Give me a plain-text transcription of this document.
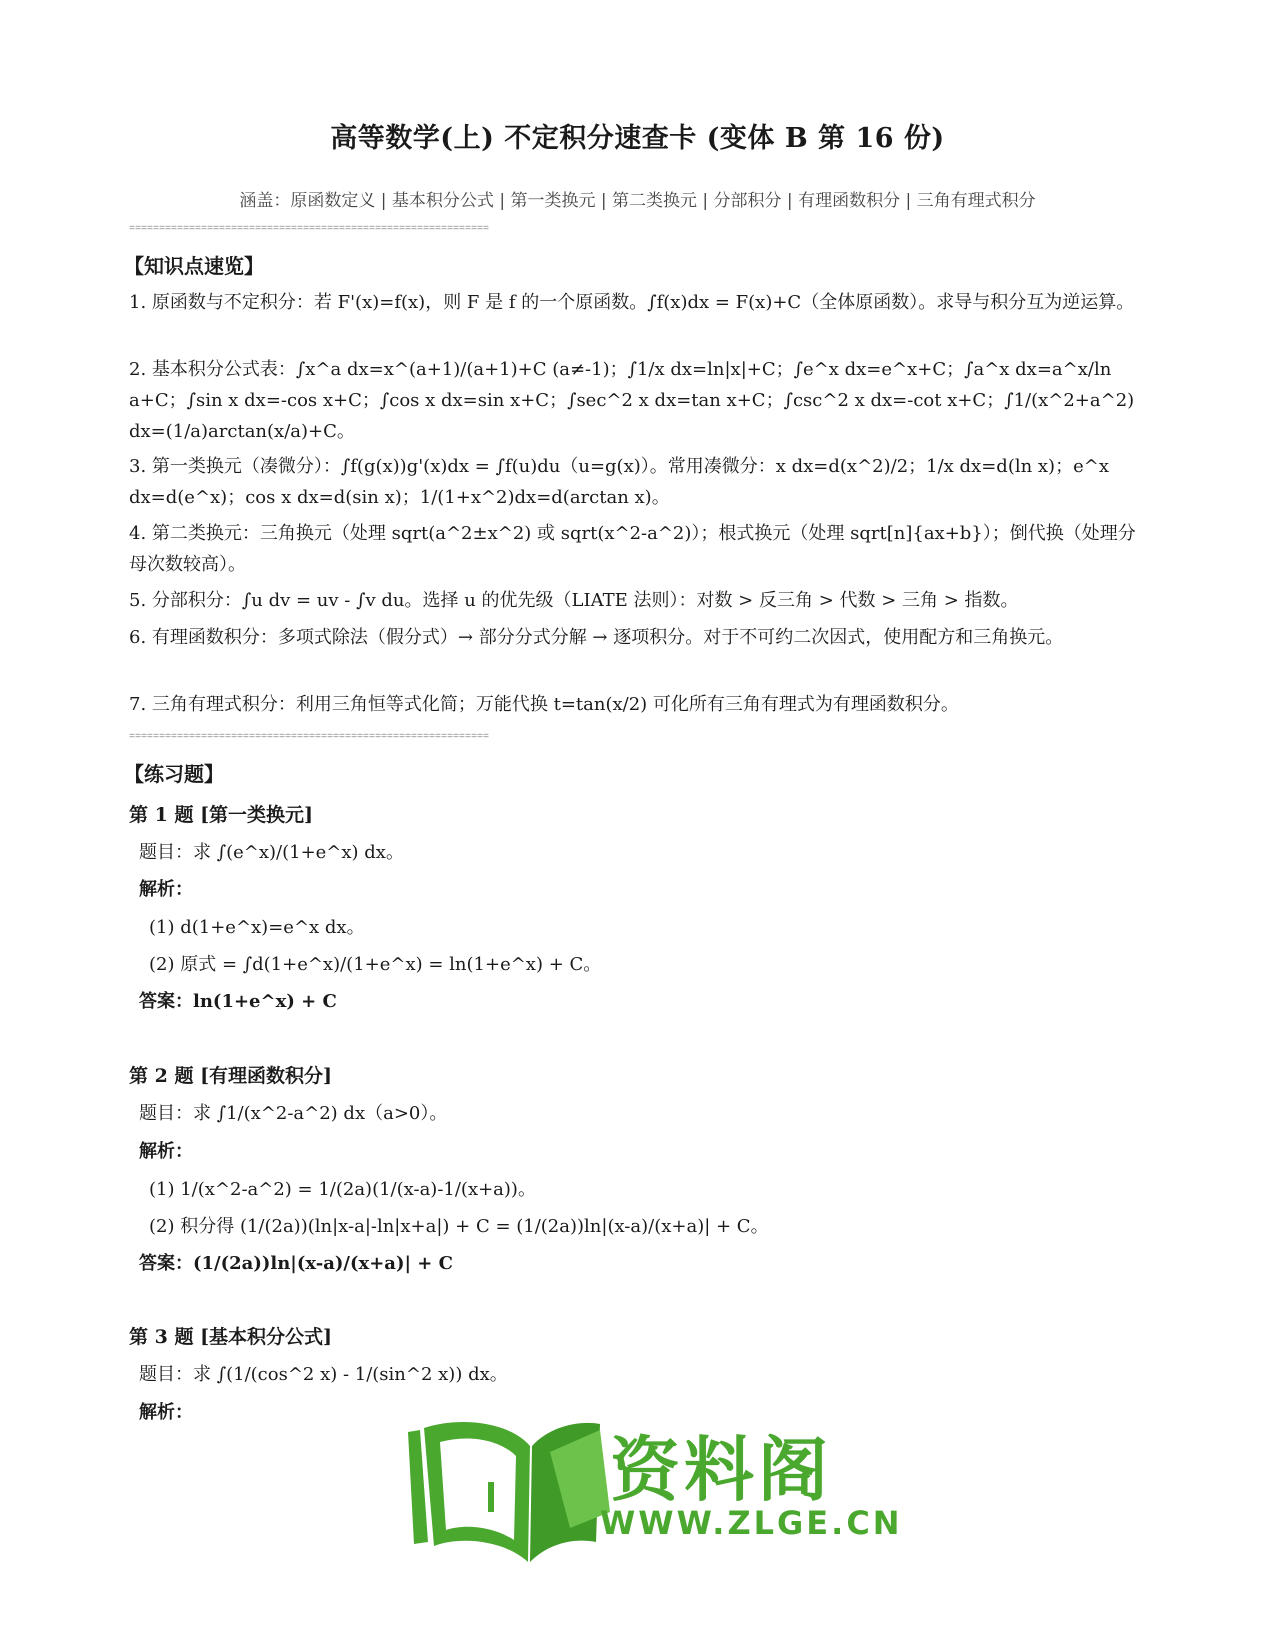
高等数学(上) 不定积分速查卡 (变体 B 第 16 份)
涵盖：原函数定义 | 基本积分公式 | 第一类换元 | 第二类换元 | 分部积分 | 有理函数积分 | 三角有理式积分
============================================================
【知识点速览】
1. 原函数与不定积分：若 F'(x)=f(x)，则 F 是 f 的一个原函数。∫f(x)dx = F(x)+C（全体原函数）。求导与积分互为逆运算。
2. 基本积分公式表：∫x^a dx=x^(a+1)/(a+1)+C (a≠-1)；∫1/x dx=ln|x|+C；∫e^x dx=e^x+C；∫a^x dx=a^x/ln a+C；∫sin x dx=-cos x+C；∫cos x dx=sin x+C；∫sec^2 x dx=tan x+C；∫csc^2 x dx=-cot x+C；∫1/(x^2+a^2) dx=(1/a)arctan(x/a)+C。
3. 第一类换元（凑微分）：∫f(g(x))g'(x)dx = ∫f(u)du（u=g(x)）。常用凑微分：x dx=d(x^2)/2；1/x dx=d(ln x)；e^x dx=d(e^x)；cos x dx=d(sin x)；1/(1+x^2)dx=d(arctan x)。
4. 第二类换元：三角换元（处理 sqrt(a^2±x^2) 或 sqrt(x^2-a^2)）；根式换元（处理 sqrt[n]{ax+b}）；倒代换（处理分母次数较高）。
5. 分部积分：∫u dv = uv - ∫v du。选择 u 的优先级（LIATE 法则）：对数 > 反三角 > 代数 > 三角 > 指数。
6. 有理函数积分：多项式除法（假分式）→ 部分分式分解 → 逐项积分。对于不可约二次因式，使用配方和三角换元。
7. 三角有理式积分：利用三角恒等式化简；万能代换 t=tan(x/2) 可化所有三角有理式为有理函数积分。
============================================================
【练习题】
第 1 题 [第一类换元]
题目：求 ∫(e^x)/(1+e^x) dx。
解析：
(1) d(1+e^x)=e^x dx。
(2) 原式 = ∫d(1+e^x)/(1+e^x) = ln(1+e^x) + C。
答案：ln(1+e^x) + C
第 2 题 [有理函数积分]
题目：求 ∫1/(x^2-a^2) dx（a>0）。
解析：
(1) 1/(x^2-a^2) = 1/(2a)(1/(x-a)-1/(x+a))。
(2) 积分得 (1/(2a))(ln|x-a|-ln|x+a|) + C = (1/(2a))ln|(x-a)/(x+a)| + C。
答案：(1/(2a))ln|(x-a)/(x+a)| + C
第 3 题 [基本积分公式]
题目：求 ∫(1/(cos^2 x) - 1/(sin^2 x)) dx。
解析：
资料阁
WWW.ZLGE.CN
